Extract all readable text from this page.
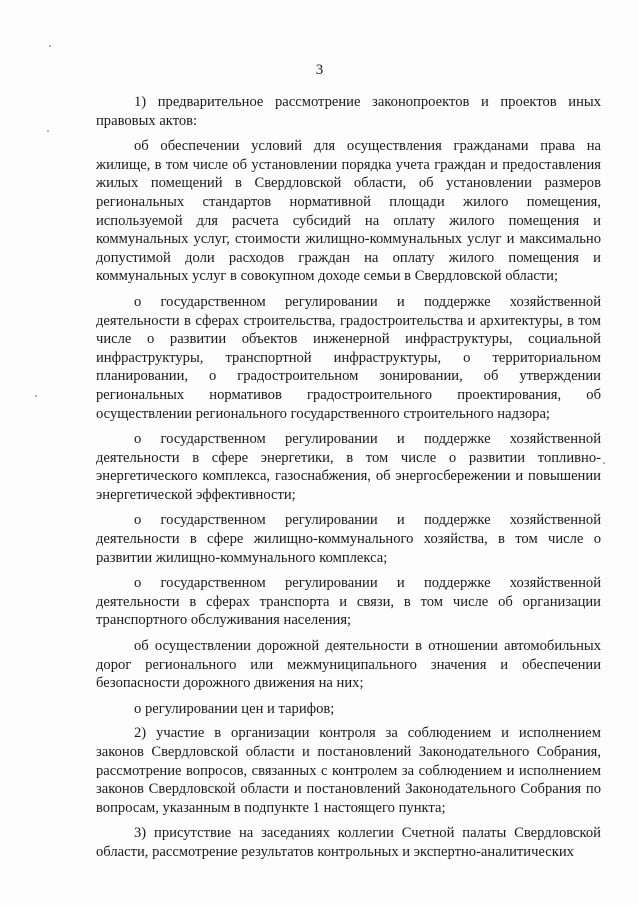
3

1) предварительное рассмотрение законопроектов и проектов иных правовых актов:

об обеспечении условий для осуществления гражданами права на жилище, в том числе об установлении порядка учета граждан и предоставления жилых помещений в Свердловской области, об установлении размеров региональных стандартов нормативной площади жилого помещения, используемой для расчета субсидий на оплату жилого помещения и коммунальных услуг, стоимости жилищно-коммунальных услуг и максимально допустимой доли расходов граждан на оплату жилого помещения и коммунальных услуг в совокупном доходе семьи в Свердловской области;

о государственном регулировании и поддержке хозяйственной деятельности в сферах строительства, градостроительства и архитектуры, в том числе о развитии объектов инженерной инфраструктуры, социальной инфраструктуры, транспортной инфраструктуры, о территориальном планировании, о градостроительном зонировании, об утверждении региональных нормативов градостроительного проектирования, об осуществлении регионального государственного строительного надзора;

о государственном регулировании и поддержке хозяйственной деятельности в сфере энергетики, в том числе о развитии топливно-энергетического комплекса, газоснабжения, об энергосбережении и повышении энергетической эффективности;

о государственном регулировании и поддержке хозяйственной деятельности в сфере жилищно-коммунального хозяйства, в том числе о развитии жилищно-коммунального комплекса;

о государственном регулировании и поддержке хозяйственной деятельности в сферах транспорта и связи, в том числе об организации транспортного обслуживания населения;

об осуществлении дорожной деятельности в отношении автомобильных дорог регионального или межмуниципального значения и обеспечении безопасности дорожного движения на них;

о регулировании цен и тарифов;

2) участие в организации контроля за соблюдением и исполнением законов Свердловской области и постановлений Законодательного Собрания, рассмотрение вопросов, связанных с контролем за соблюдением и исполнением законов Свердловской области и постановлений Законодательного Собрания по вопросам, указанным в подпункте 1 настоящего пункта;

3) присутствие на заседаниях коллегии Счетной палаты Свердловской области, рассмотрение результатов контрольных и экспертно-аналитических
